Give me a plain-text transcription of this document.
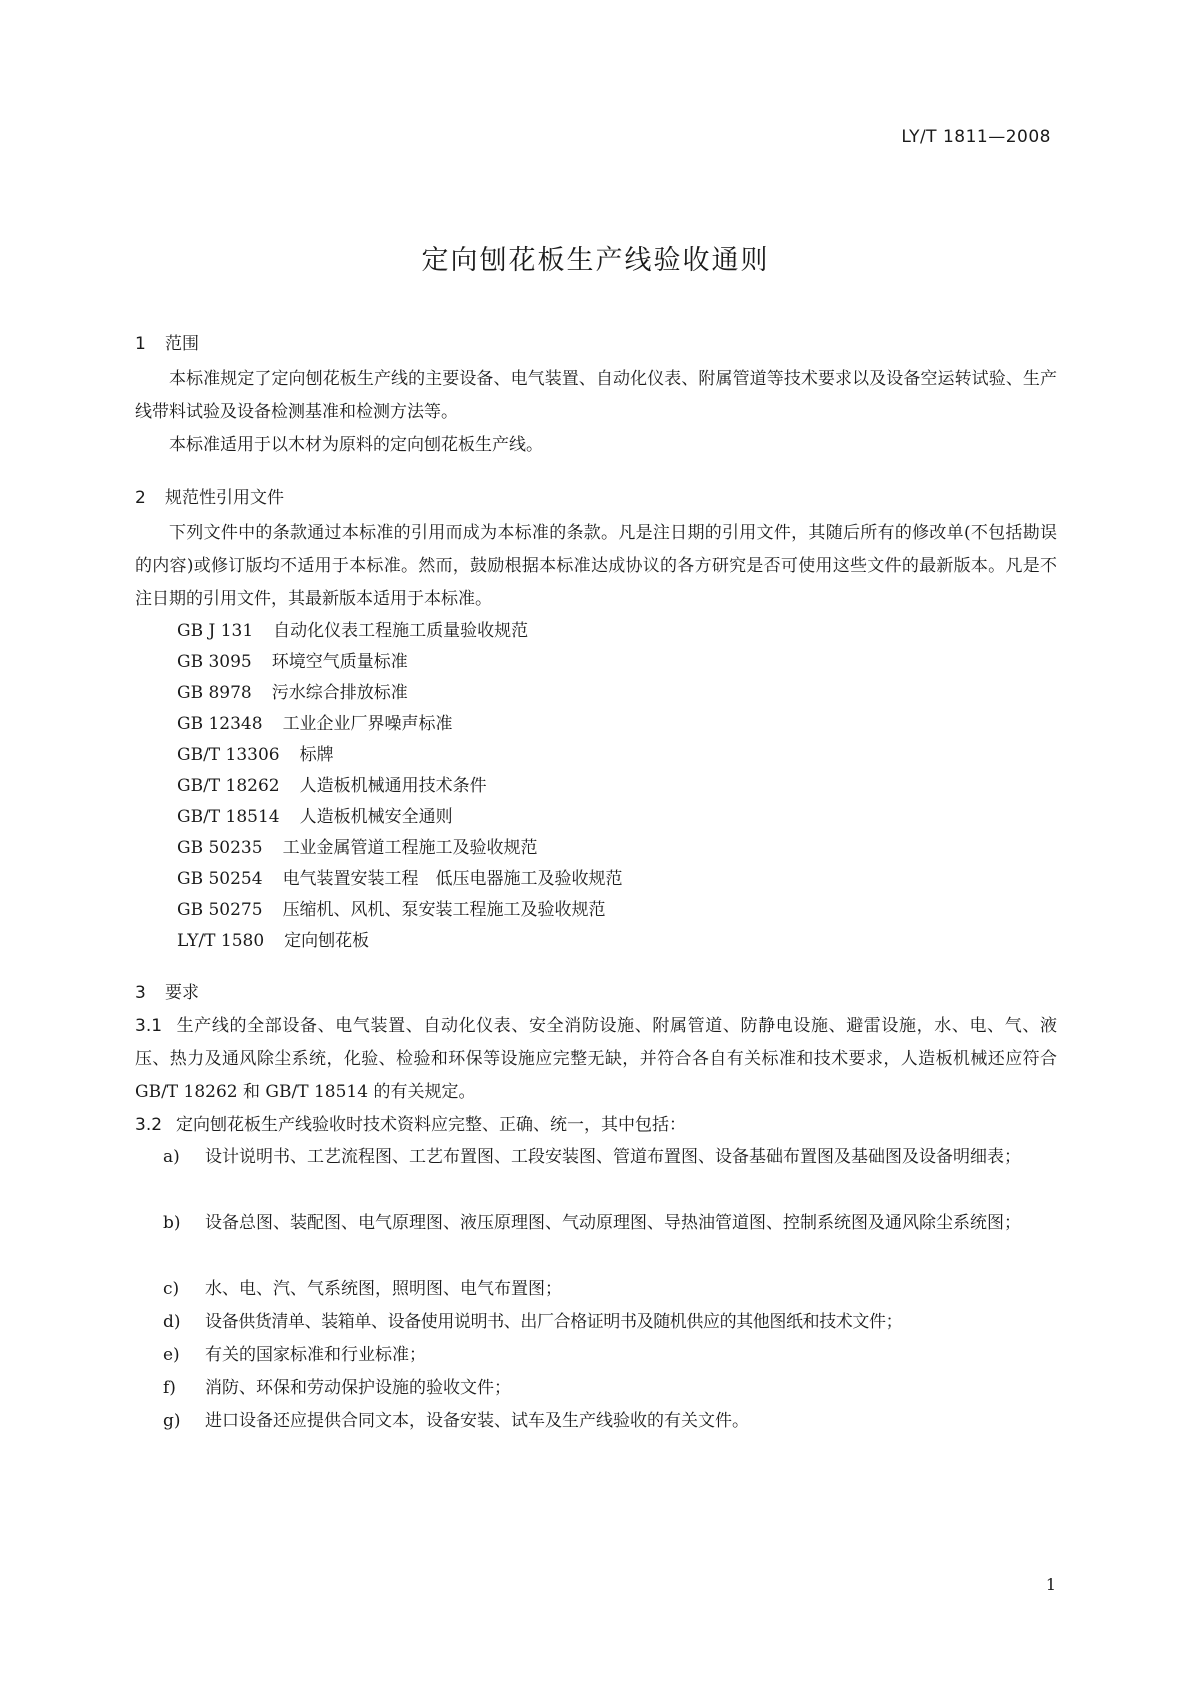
LY/T 1811—2008
定向刨花板生产线验收通则
1 范围
本标准规定了定向刨花板生产线的主要设备、电气装置、自动化仪表、附属管道等技术要求以及设备空运转试验、生产线带料试验及设备检测基准和检测方法等。
本标准适用于以木材为原料的定向刨花板生产线。
2 规范性引用文件
下列文件中的条款通过本标准的引用而成为本标准的条款。凡是注日期的引用文件，其随后所有的修改单(不包括勘误的内容)或修订版均不适用于本标准。然而，鼓励根据本标准达成协议的各方研究是否可使用这些文件的最新版本。凡是不注日期的引用文件，其最新版本适用于本标准。
GB J 131 自动化仪表工程施工质量验收规范
GB 3095 环境空气质量标准
GB 8978 污水综合排放标准
GB 12348 工业企业厂界噪声标准
GB/T 13306 标牌
GB/T 18262 人造板机械通用技术条件
GB/T 18514 人造板机械安全通则
GB 50235 工业金属管道工程施工及验收规范
GB 50254 电气装置安装工程　低压电器施工及验收规范
GB 50275 压缩机、风机、泵安装工程施工及验收规范
LY/T 1580 定向刨花板
3 要求
3.1 生产线的全部设备、电气装置、自动化仪表、安全消防设施、附属管道、防静电设施、避雷设施，水、电、气、液压、热力及通风除尘系统，化验、检验和环保等设施应完整无缺，并符合各自有关标准和技术要求，人造板机械还应符合 GB/T 18262 和 GB/T 18514 的有关规定。
3.2 定向刨花板生产线验收时技术资料应完整、正确、统一，其中包括：
a) 设计说明书、工艺流程图、工艺布置图、工段安装图、管道布置图、设备基础布置图及基础图及设备明细表；
b) 设备总图、装配图、电气原理图、液压原理图、气动原理图、导热油管道图、控制系统图及通风除尘系统图；
c) 水、电、汽、气系统图，照明图、电气布置图；
d) 设备供货清单、装箱单、设备使用说明书、出厂合格证明书及随机供应的其他图纸和技术文件；
e) 有关的国家标准和行业标准；
f) 消防、环保和劳动保护设施的验收文件；
g) 进口设备还应提供合同文本，设备安装、试车及生产线验收的有关文件。
1
